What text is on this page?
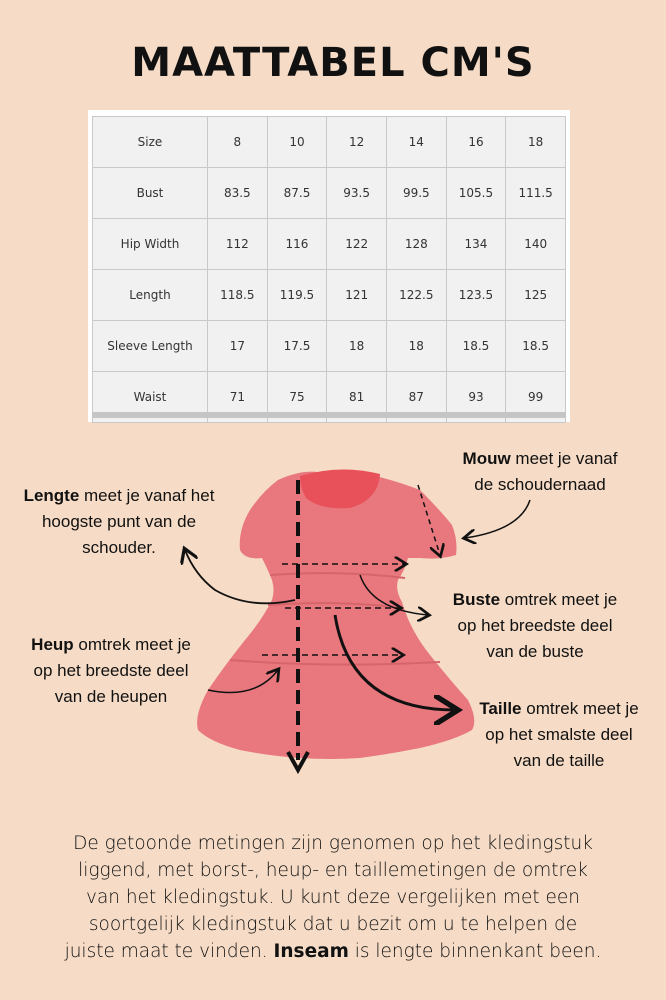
MAATTABEL CM'S
Size	8	10	12	14	16	18
Bust	83.5	87.5	93.5	99.5	105.5	111.5
Hip Width	112	116	122	128	134	140
Length	118.5	119.5	121	122.5	123.5	125
Sleeve Length	17	17.5	18	18	18.5	18.5
Waist	71	75	81	87	93	99
Lengte meet je vanaf het
hoogste punt van de
schouder.
Mouw meet je vanaf
de schoudernaad
Buste omtrek meet je
op het breedste deel
van de buste
Heup omtrek meet je
op het breedste deel
van de heupen
Taille omtrek meet je
op het smalste deel
van de taille
De getoonde metingen zijn genomen op het kledingstuk
liggend, met borst-, heup- en taillemetingen de omtrek
van het kledingstuk. U kunt deze vergelijken met een
soortgelijk kledingstuk dat u bezit om u te helpen de
juiste maat te vinden. Inseam is lengte binnenkant been.
